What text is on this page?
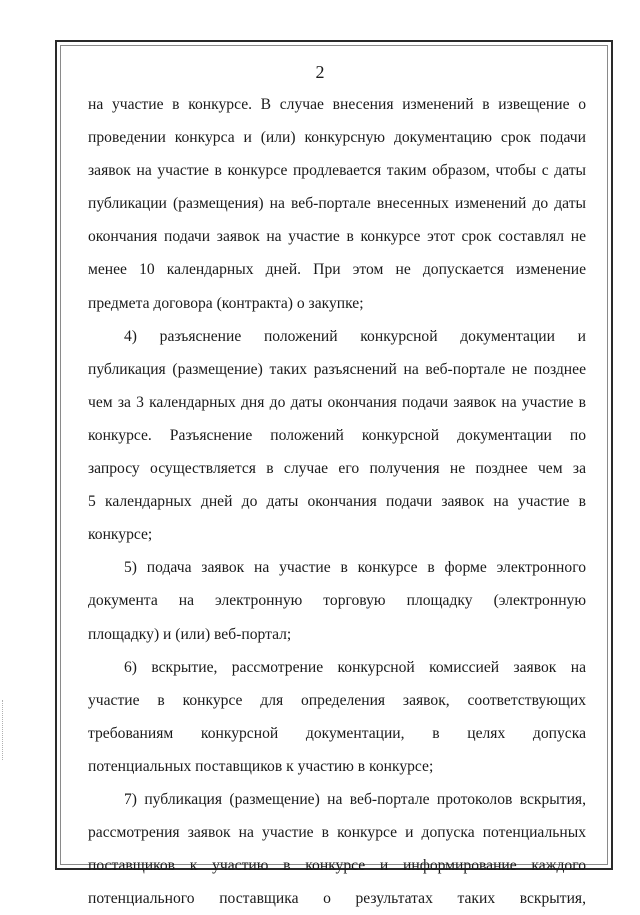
2
на участие в конкурсе. В случае внесения изменений в извещение о
проведении конкурса и (или) конкурсную документацию срок подачи
заявок на участие в конкурсе продлевается таким образом, чтобы с даты
публикации (размещения) на веб-портале внесенных изменений до даты
окончания подачи заявок на участие в конкурсе этот срок составлял не
менее 10 календарных дней. При этом не допускается изменение
предмета договора (контракта) о закупке;
4) разъяснение положений конкурсной документации и
публикация (размещение) таких разъяснений на веб-портале не позднее
чем за 3 календарных дня до даты окончания подачи заявок на участие в
конкурсе. Разъяснение положений конкурсной документации по
запросу осуществляется в случае его получения не позднее чем за
5 календарных дней до даты окончания подачи заявок на участие в
конкурсе;
5) подача заявок на участие в конкурсе в форме электронного
документа на электронную торговую площадку (электронную
площадку) и (или) веб-портал;
6) вскрытие, рассмотрение конкурсной комиссией заявок на
участие в конкурсе для определения заявок, соответствующих
требованиям конкурсной документации, в целях допуска
потенциальных поставщиков к участию в конкурсе;
7) публикация (размещение) на веб-портале протоколов вскрытия,
рассмотрения заявок на участие в конкурсе и допуска потенциальных
поставщиков к участию в конкурсе и информирование каждого
потенциального поставщика о результатах таких вскрытия,
